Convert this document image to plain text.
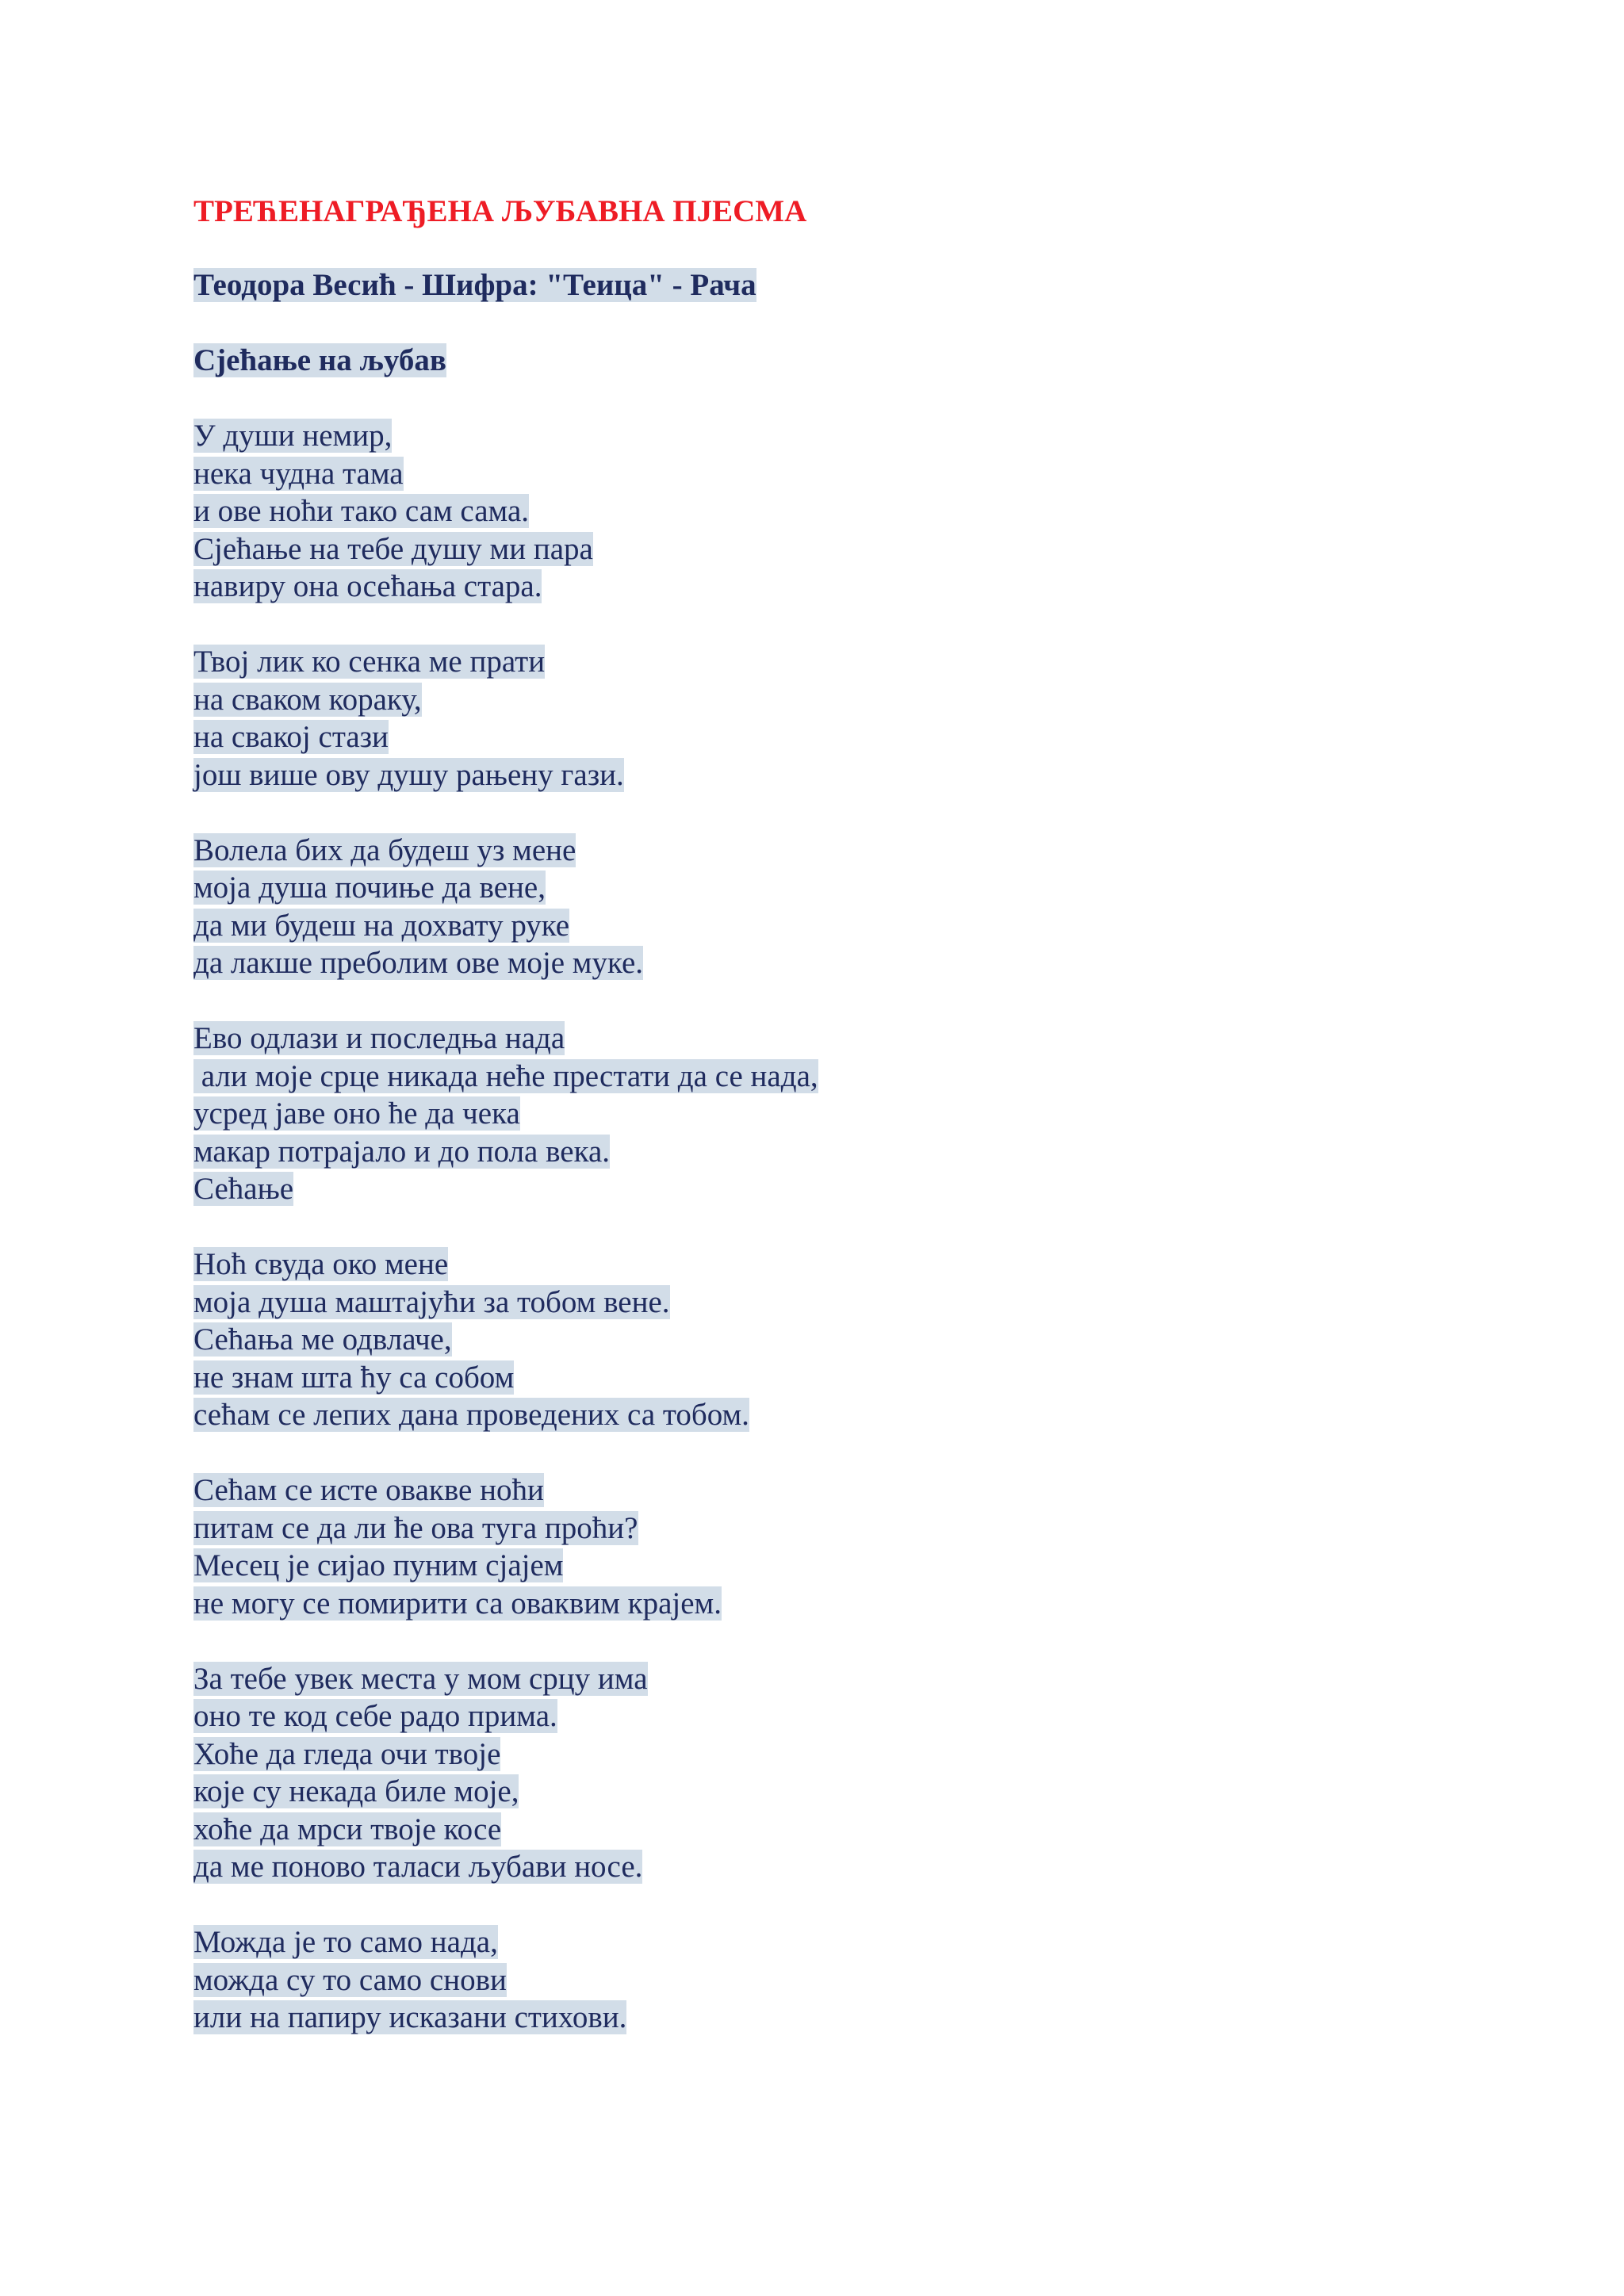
ТРЕЋЕНАГРАЂЕНА ЉУБАВНА ПЈЕСМА
Теодора Весић - Шифра: "Теица" - Рача
Сјећање на љубав
У души немир,
нека чудна тама
и ове ноћи тако сам сама.
Сјећање на тебе душу ми пара
навиру она осећања стара.
Твој лик ко сенка ме прати
на сваком кораку,
на свакој стази
још више ову душу рањену гази.
Волела бих да будеш уз мене
моја душа почиње да вене,
да ми будеш на дохвату руке
да лакше преболим ове моје муке.
Ево одлази и последња нада
али моје срце никада неће престати да се нада,
усред јаве оно ће да чека
макар потрајало и до пола века.
Сећање
Ноћ свуда око мене
моја душа маштајући за тобом вене.
Сећања ме одвлаче,
не знам шта ћу са собом
сећам се лепих дана проведених са тобом.
Сећам се исте овакве ноћи
питам се да ли ће ова туга проћи?
Месец је сијао пуним сјајем
не могу се помирити са оваквим крајем.
За тебе увек места у мом срцу има
оно те код себе радо прима.
Хоће да гледа очи твоје
које су некада биле моје,
хоће да мрси твоје косе
да ме поново таласи љубави носе.
Можда је то само нада,
можда су то само снови
или на папиру исказани стихови.
